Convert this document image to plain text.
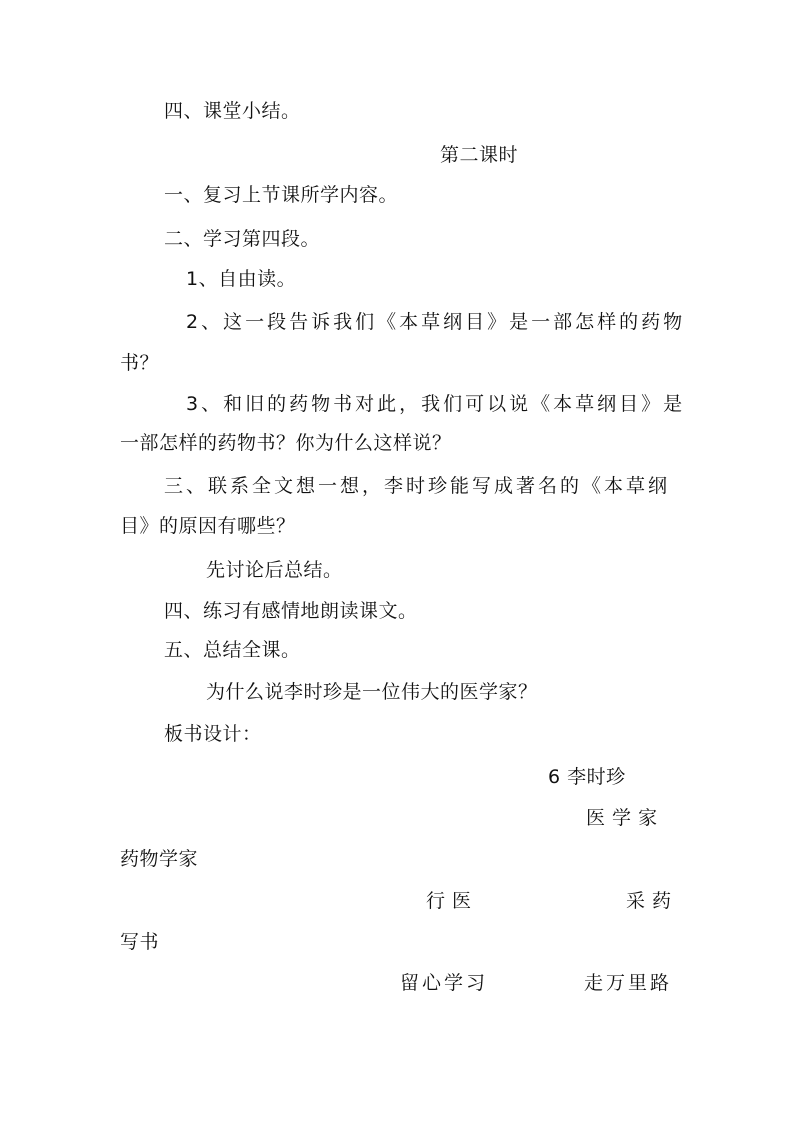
四、课堂小结。
第二课时
一、复习上节课所学内容。
二、学习第四段。
1、自由读。
2、这一段告诉我们《本草纲目》是一部怎样的药物
书？
3、和旧的药物书对此，我们可以说《本草纲目》是
一部怎样的药物书？你为什么这样说？
三、联系全文想一想，李时珍能写成著名的《本草纲
目》的原因有哪些？
先讨论后总结。
四、练习有感情地朗读课文。
五、总结全课。
为什么说李时珍是一位伟大的医学家？
板书设计：
6 李时珍
医 学 家
药物学家
行 医	采 药
写书
留心学习	走万里路
